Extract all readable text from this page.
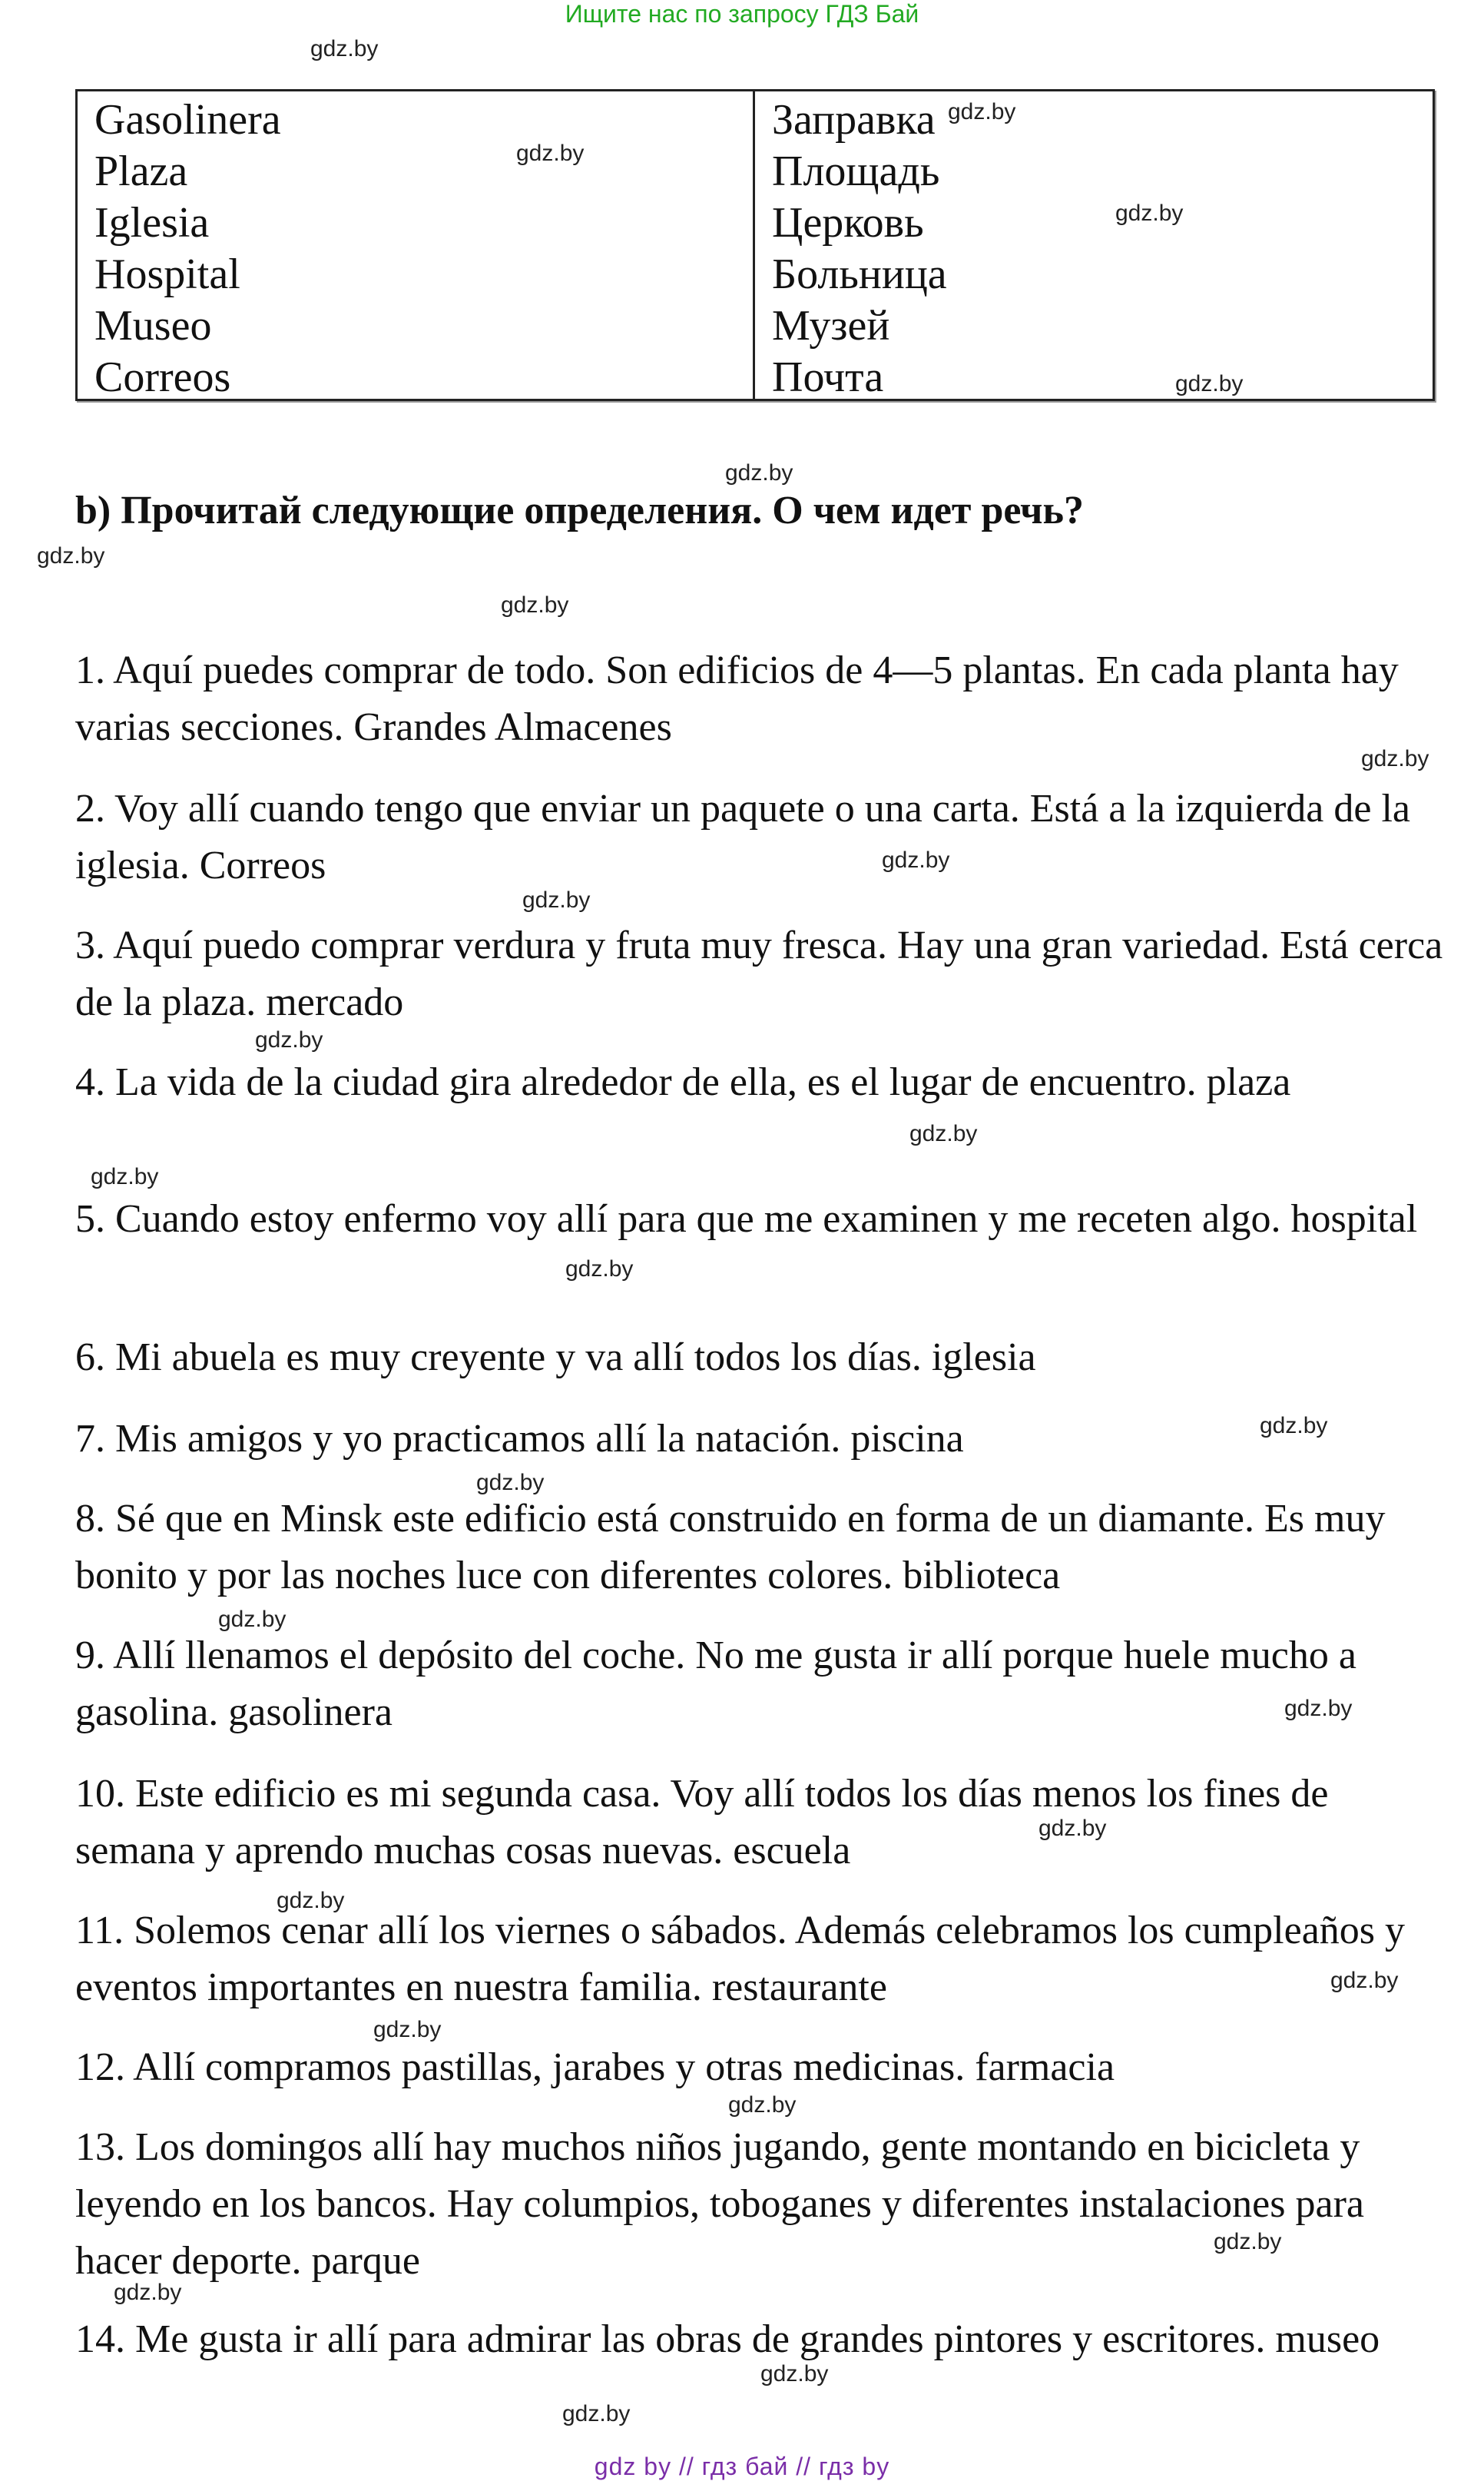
Ищите нас по запросу ГДЗ Бай
gdz.by
gdz.by
gdz.by
gdz.by
gdz.by
gdz.by
gdz.by
gdz.by
gdz.by
gdz.by
gdz.by
gdz.by
gdz.by
gdz.by
gdz.by
gdz.by
gdz.by
gdz.by
gdz.by
gdz.by
gdz.by
gdz.by
gdz.by
gdz.by
gdz.by
gdz.by
gdz.by
gdz.by
Gasolinera
Plaza
Iglesia
Hospital
Museo
Correos
Заправка
Площадь
Церковь
Больница
Музей
Почта
b) Прочитай следующие определения. О чем идет речь?
1. Aquí puedes comprar de todo. Son edificios de 4—5 plantas. En cada planta hay varias secciones. Grandes Almacenes
2. Voy allí cuando tengo que enviar un paquete o una carta. Está a la izquierda de la iglesia. Correos
3. Aquí puedo comprar verdura y fruta muy fresca. Hay una gran variedad. Está cerca de la plaza. mercado
4. La vida de la ciudad gira alrededor de ella, es el lugar de encuentro. plaza
5. Cuando estoy enfermo voy allí para que me examinen y me receten algo. hospital
6. Mi abuela es muy creyente y va allí todos los días. iglesia
7. Mis amigos y yo practicamos allí la natación. piscina
8. Sé que en Minsk este edificio está construido en forma de un diamante. Es muy bonito y por las noches luce con diferentes colores. biblioteca
9. Allí llenamos el depósito del coche. No me gusta ir allí porque huele mucho a gasolina. gasolinera
10. Este edificio es mi segunda casa. Voy allí todos los días menos los fines de semana y aprendo muchas cosas nuevas. escuela
11. Solemos cenar allí los viernes o sábados. Además celebramos los cumpleaños y eventos importantes en nuestra familia. restaurante
12. Allí compramos pastillas, jarabes y otras medicinas. farmacia
13. Los domingos allí hay muchos niños jugando, gente montando en bicicleta y leyendo en los bancos. Hay columpios, toboganes y diferentes instalaciones para hacer deporte. parque
14. Me gusta ir allí para admirar las obras de grandes pintores y escritores. museo
gdz by // гдз бай // гдз by
